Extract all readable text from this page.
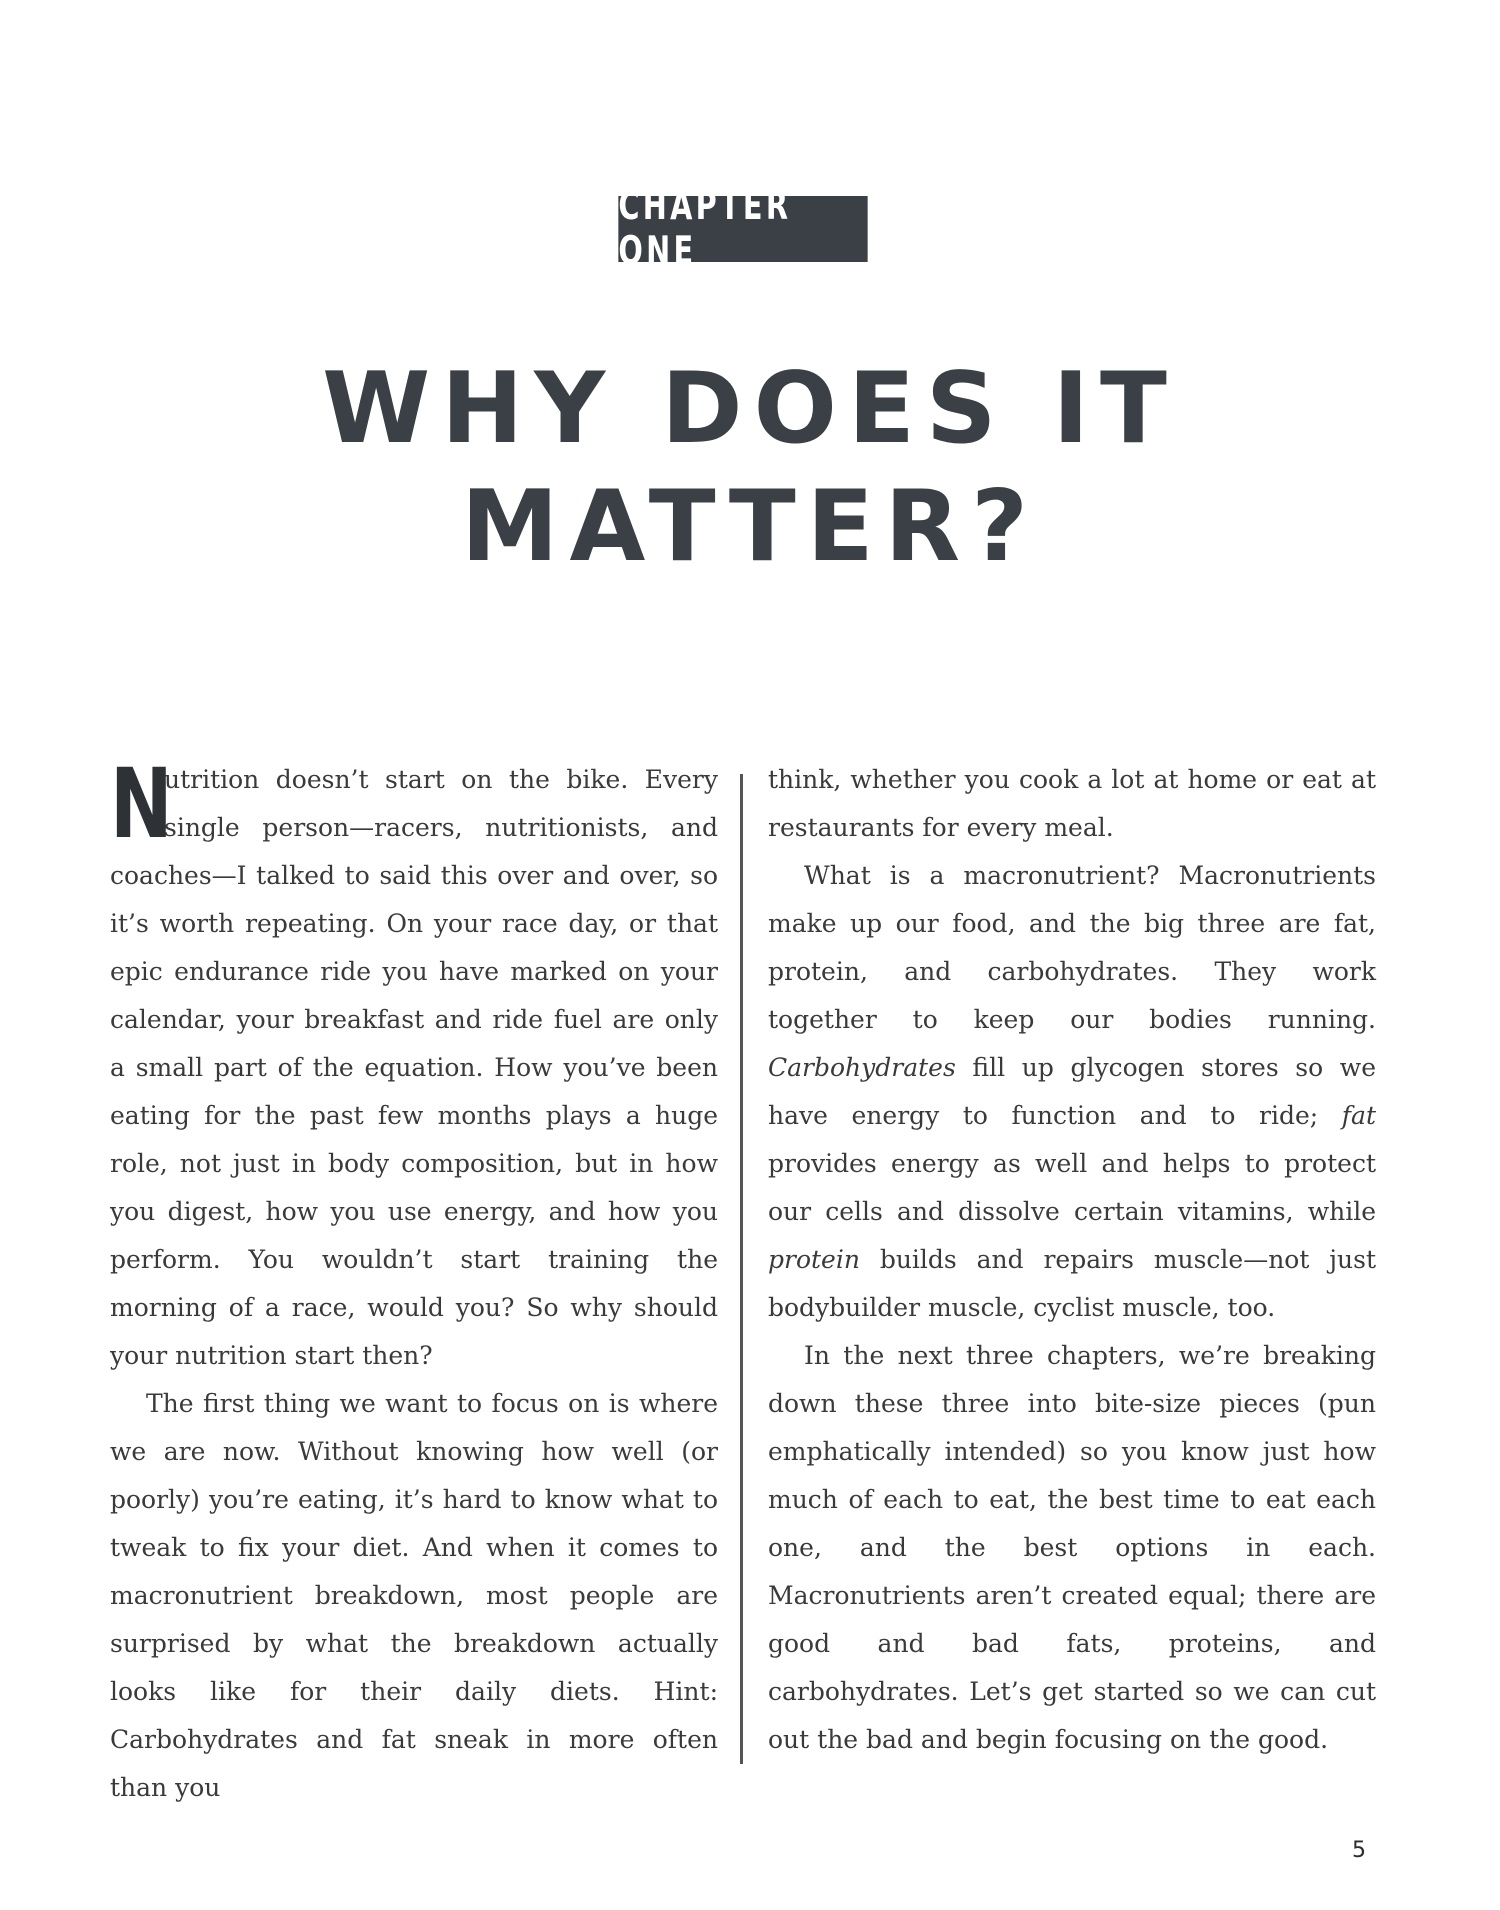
CHAPTER ONE
WHY DOES IT
MATTER?

N
utrition doesn’t start on the bike. Every single person—racers, nutritionists, and coaches—I talked to said this over and over, so it’s worth repeating. On your race day, or that epic endurance ride you have marked on your calendar, your breakfast and ride fuel are only a small part of the equation. How you’ve been eating for the past few months plays a huge role, not just in body composition, but in how you digest, how you use energy, and how you perform. You wouldn’t start training the morning of a race, would you? So why should your nutrition start then?

The first thing we want to focus on is where we are now. Without knowing how well (or poorly) you’re eating, it’s hard to know what to tweak to fix your diet. And when it comes to macronutrient breakdown, most people are surprised by what the breakdown actually looks like for their daily diets. Hint: Carbohydrates and fat sneak in more often than you

think, whether you cook a lot at home or eat at restaurants for every meal.

What is a macronutrient? Macronutrients make up our food, and the big three are fat, protein, and carbohydrates. They work together to keep our bodies running. Carbohydrates fill up glycogen stores so we have energy to function and to ride; fat provides energy as well and helps to protect our cells and dissolve certain vitamins, while protein builds and repairs muscle—not just bodybuilder muscle, cyclist muscle, too.

In the next three chapters, we’re breaking down these three into bite-size pieces (pun emphatically intended) so you know just how much of each to eat, the best time to eat each one, and the best options in each. Macronutrients aren’t created equal; there are good and bad fats, proteins, and carbohydrates. Let’s get started so we can cut out the bad and begin focusing on the good.

5
